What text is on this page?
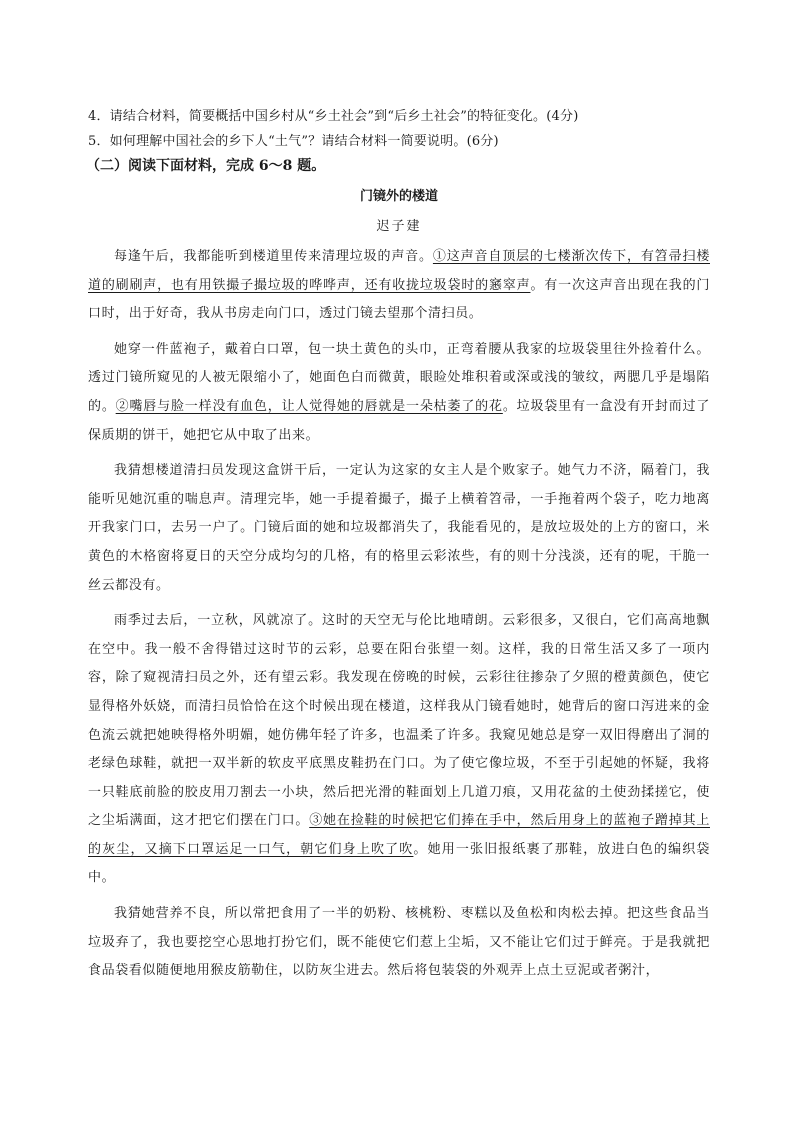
4．请结合材料，简要概括中国乡村从“乡土社会”到“后乡土社会”的特征变化。(4分)
5．如何理解中国社会的乡下人“土气”？请结合材料一简要说明。(6分)
（二）阅读下面材料，完成 6～8 题。
门镜外的楼道
迟子建

每逢午后，我都能听到楼道里传来清理垃圾的声音。①这声音自顶层的七楼渐次传下，有笤帚扫楼道的刷刷声，也有用铁撮子撮垃圾的哗哗声，还有收拢垃圾袋时的窸窣声。有一次这声音出现在我的门口时，出于好奇，我从书房走向门口，透过门镜去望那个清扫员。

她穿一件蓝袍子，戴着白口罩，包一块土黄色的头巾，正弯着腰从我家的垃圾袋里往外捡着什么。透过门镜所窥见的人被无限缩小了，她面色白而微黄，眼睑处堆积着或深或浅的皱纹，两腮几乎是塌陷的。②嘴唇与脸一样没有血色，让人觉得她的唇就是一朵枯萎了的花。垃圾袋里有一盒没有开封而过了保质期的饼干，她把它从中取了出来。

我猜想楼道清扫员发现这盒饼干后，一定认为这家的女主人是个败家子。她气力不济，隔着门，我能听见她沉重的喘息声。清理完毕，她一手提着撮子，撮子上横着笤帚，一手拖着两个袋子，吃力地离开我家门口，去另一户了。门镜后面的她和垃圾都消失了，我能看见的，是放垃圾处的上方的窗口，米黄色的木格窗将夏日的天空分成均匀的几格，有的格里云彩浓些，有的则十分浅淡，还有的呢，干脆一丝云都没有。

雨季过去后，一立秋，风就凉了。这时的天空无与伦比地晴朗。云彩很多，又很白，它们高高地飘在空中。我一般不舍得错过这时节的云彩，总要在阳台张望一刻。这样，我的日常生活又多了一项内容，除了窥视清扫员之外，还有望云彩。我发现在傍晚的时候，云彩往往掺杂了夕照的橙黄颜色，使它显得格外妖娆，而清扫员恰恰在这个时候出现在楼道，这样我从门镜看她时，她背后的窗口泻进来的金色流云就把她映得格外明媚，她仿佛年轻了许多，也温柔了许多。我窥见她总是穿一双旧得磨出了洞的老绿色球鞋，就把一双半新的软皮平底黑皮鞋扔在门口。为了使它像垃圾，不至于引起她的怀疑，我将一只鞋底前脸的胶皮用刀割去一小块，然后把光滑的鞋面划上几道刀痕，又用花盆的土使劲揉搓它，使之尘垢满面，这才把它们摆在门口。③她在捡鞋的时候把它们捧在手中，然后用身上的蓝袍子蹭掉其上的灰尘，又摘下口罩运足一口气，朝它们身上吹了吹。她用一张旧报纸裹了那鞋，放进白色的编织袋中。

我猜她营养不良，所以常把食用了一半的奶粉、核桃粉、枣糕以及鱼松和肉松去掉。把这些食品当垃圾弃了，我也要挖空心思地打扮它们，既不能使它们惹上尘垢，又不能让它们过于鲜亮。于是我就把食品袋看似随便地用猴皮筋勒住，以防灰尘进去。然后将包装袋的外观弄上点土豆泥或者粥汁，
